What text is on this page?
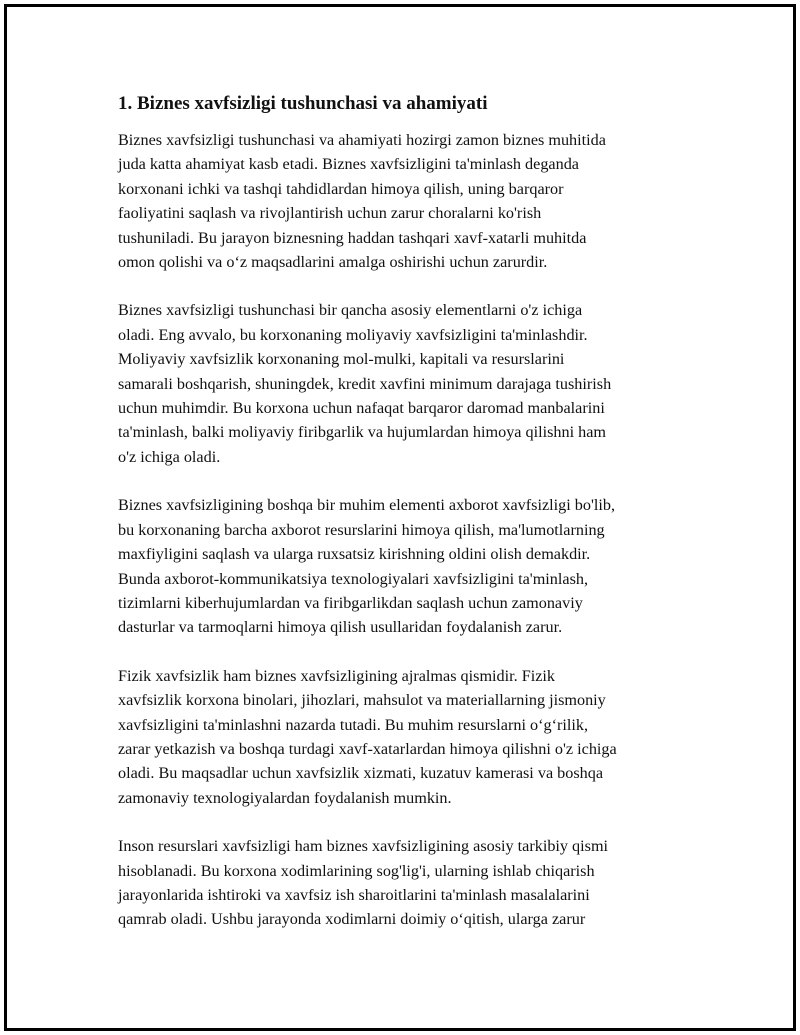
1. Biznes xavfsizligi tushunchasi va ahamiyati

Biznes xavfsizligi tushunchasi va ahamiyati hozirgi zamon biznes muhitida
juda katta ahamiyat kasb etadi. Biznes xavfsizligini ta'minlash deganda
korxonani ichki va tashqi tahdidlardan himoya qilish, uning barqaror
faoliyatini saqlash va rivojlantirish uchun zarur choralarni ko'rish
tushuniladi. Bu jarayon biznesning haddan tashqari xavf-xatarli muhitda
omon qolishi va o‘z maqsadlarini amalga oshirishi uchun zarurdir.

Biznes xavfsizligi tushunchasi bir qancha asosiy elementlarni o'z ichiga
oladi. Eng avvalo, bu korxonaning moliyaviy xavfsizligini ta'minlashdir.
Moliyaviy xavfsizlik korxonaning mol-mulki, kapitali va resurslarini
samarali boshqarish, shuningdek, kredit xavfini minimum darajaga tushirish
uchun muhimdir. Bu korxona uchun nafaqat barqaror daromad manbalarini
ta'minlash, balki moliyaviy firibgarlik va hujumlardan himoya qilishni ham
o'z ichiga oladi.

Biznes xavfsizligining boshqa bir muhim elementi axborot xavfsizligi bo'lib,
bu korxonaning barcha axborot resurslarini himoya qilish, ma'lumotlarning
maxfiyligini saqlash va ularga ruxsatsiz kirishning oldini olish demakdir.
Bunda axborot-kommunikatsiya texnologiyalari xavfsizligini ta'minlash,
tizimlarni kiberhujumlardan va firibgarlikdan saqlash uchun zamonaviy
dasturlar va tarmoqlarni himoya qilish usullaridan foydalanish zarur.

Fizik xavfsizlik ham biznes xavfsizligining ajralmas qismidir. Fizik
xavfsizlik korxona binolari, jihozlari, mahsulot va materiallarning jismoniy
xavfsizligini ta'minlashni nazarda tutadi. Bu muhim resurslarni o‘g‘rilik,
zarar yetkazish va boshqa turdagi xavf-xatarlardan himoya qilishni o'z ichiga
oladi. Bu maqsadlar uchun xavfsizlik xizmati, kuzatuv kamerasi va boshqa
zamonaviy texnologiyalardan foydalanish mumkin.

Inson resurslari xavfsizligi ham biznes xavfsizligining asosiy tarkibiy qismi
hisoblanadi. Bu korxona xodimlarining sog'lig'i, ularning ishlab chiqarish
jarayonlarida ishtiroki va xavfsiz ish sharoitlarini ta'minlash masalalarini
qamrab oladi. Ushbu jarayonda xodimlarni doimiy o‘qitish, ularga zarur
